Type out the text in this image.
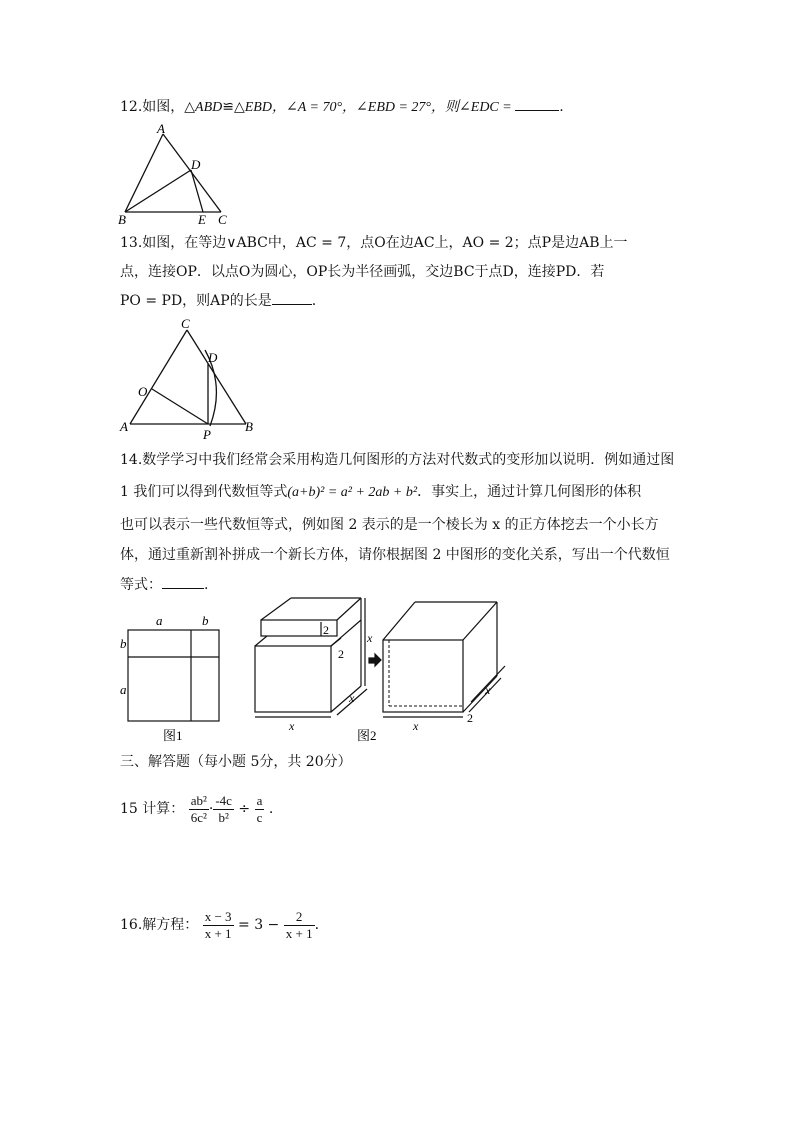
12.如图，△ABD≌△EBD，∠A = 70°，∠EBD = 27°，则∠EDC =	.
A
D
B	E C
13.如图，在等边∨ABC中，AC = 7，点O在边AC上，AO = 2；点P是边AB上一
点，连接OP．以点O为圆心，OP长为半径画弧，交边BC于点D，连接PD．若
PO = PD，则AP的长是	.
C
D
O
A
P
B
14.数学学习中我们经常会采用构造几何图形的方法对代数式的变形加以说明．例如通过图
1 我们可以得到代数恒等式(a+b)² = a² + 2ab + b²．事实上，通过计算几何图形的体积
也可以表示一些代数恒等式，例如图 2 表示的是一个棱长为 x 的正方体挖去一个小长方
体，通过重新割补拼成一个新长方体，请你根据图 2 中图形的变化关系，写出一个代数恒
等式：	.
a	b
b
a
图1
2
2
x
x
x
x
x
2
图2
三、解答题（每小题 5分，共 20分）
15 计算： $\frac{\text{ab²}}{\text{6c²}} \cdot \frac{-4c}{\text{b²}} \div \frac{a}{c}$ .
16.解方程： $\frac{x - 3}{x + 1} = 3 - \frac{2}{x + 1}$ .
